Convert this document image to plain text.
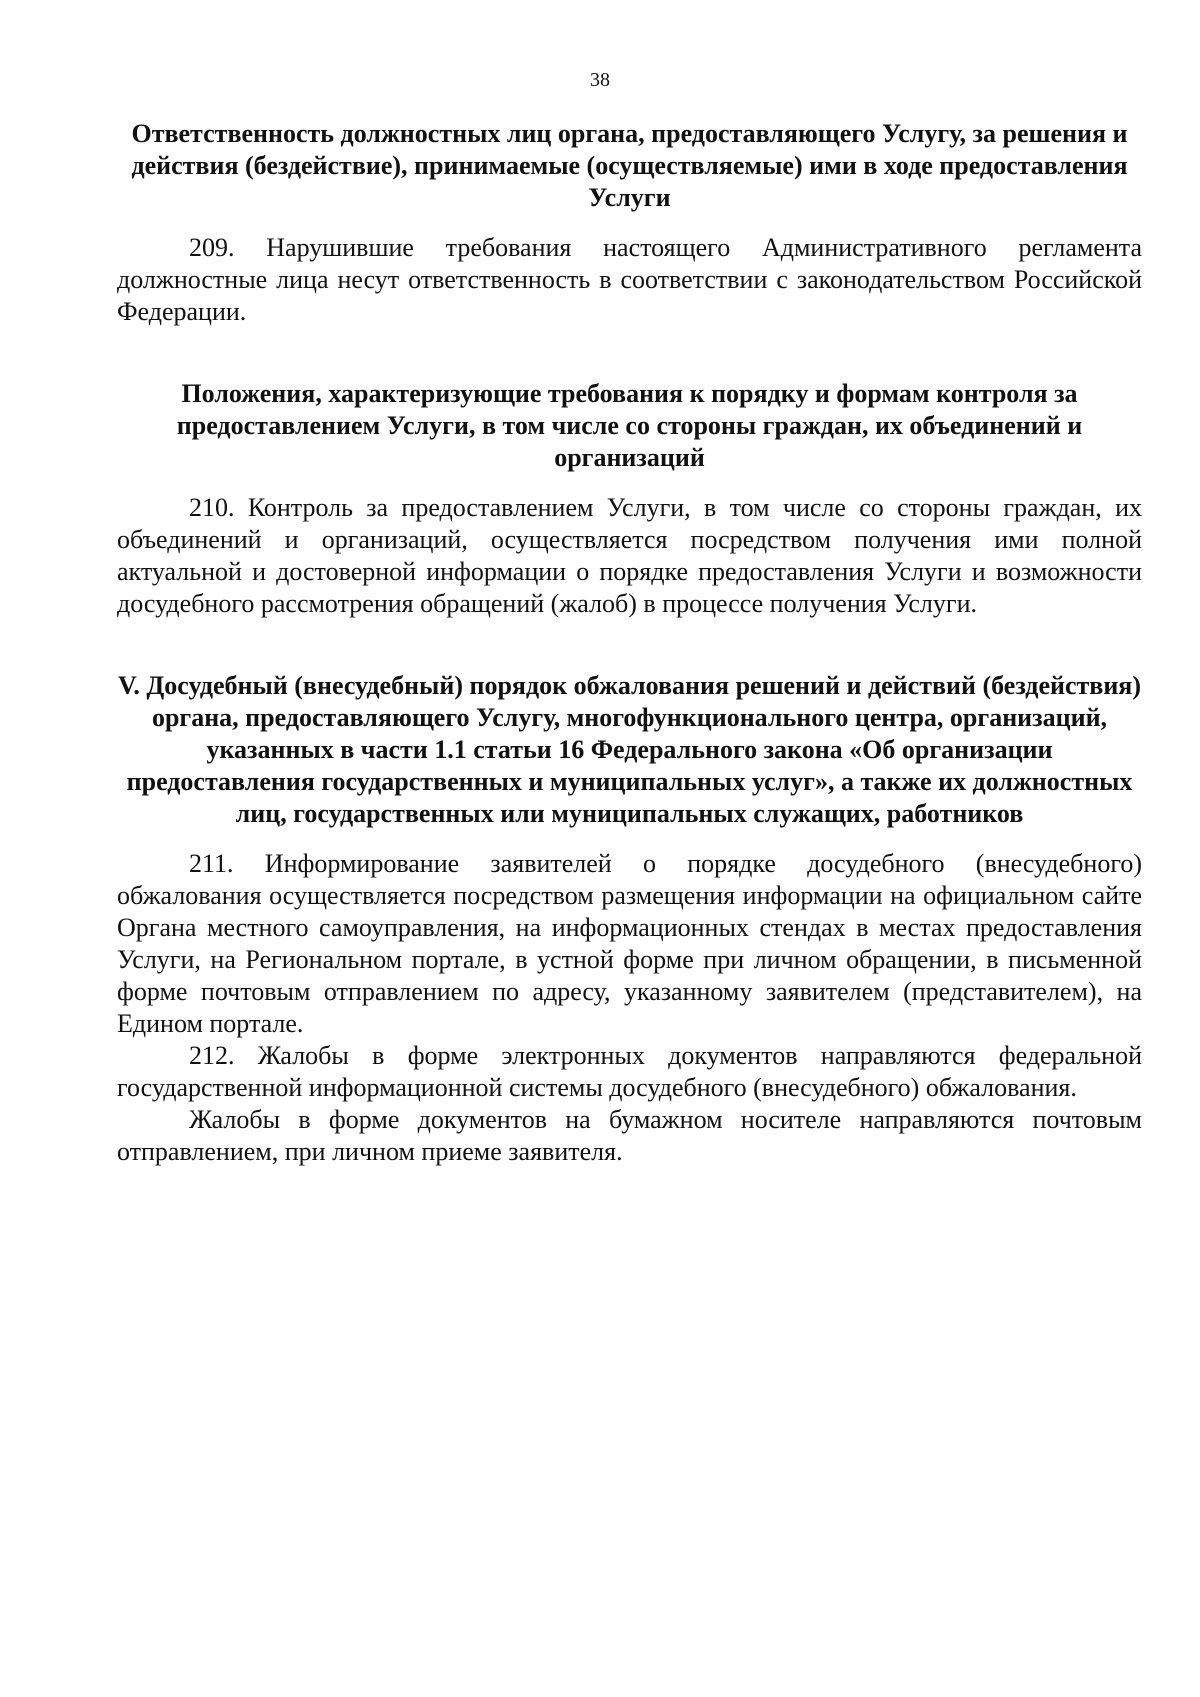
38
Ответственность должностных лиц органа, предоставляющего Услугу, за решения и действия (бездействие), принимаемые (осуществляемые) ими в ходе предоставления Услуги

209. Нарушившие требования настоящего Административного регламента должностные лица несут ответственность в соответствии с законодательством Российской Федерации.

Положения, характеризующие требования к порядку и формам контроля за предоставлением Услуги, в том числе со стороны граждан, их объединений и организаций

210. Контроль за предоставлением Услуги, в том числе со стороны граждан, их объединений и организаций, осуществляется посредством получения ими полной актуальной и достоверной информации о порядке предоставления Услуги и возможности досудебного рассмотрения обращений (жалоб) в процессе получения Услуги.

V. Досудебный (внесудебный) порядок обжалования решений и действий (бездействия) органа, предоставляющего Услугу, многофункционального центра, организаций, указанных в части 1.1 статьи 16 Федерального закона «Об организации предоставления государственных и муниципальных услуг», а также их должностных лиц, государственных или муниципальных служащих, работников

211. Информирование заявителей о порядке досудебного (внесудебного) обжалования осуществляется посредством размещения информации на официальном сайте Органа местного самоуправления, на информационных стендах в местах предоставления Услуги, на Региональном портале, в устной форме при личном обращении, в письменной форме почтовым отправлением по адресу, указанному заявителем (представителем), на Едином портале.

212. Жалобы в форме электронных документов направляются федеральной государственной информационной системы досудебного (внесудебного) обжалования.

Жалобы в форме документов на бумажном носителе направляются почтовым отправлением, при личном приеме заявителя.
